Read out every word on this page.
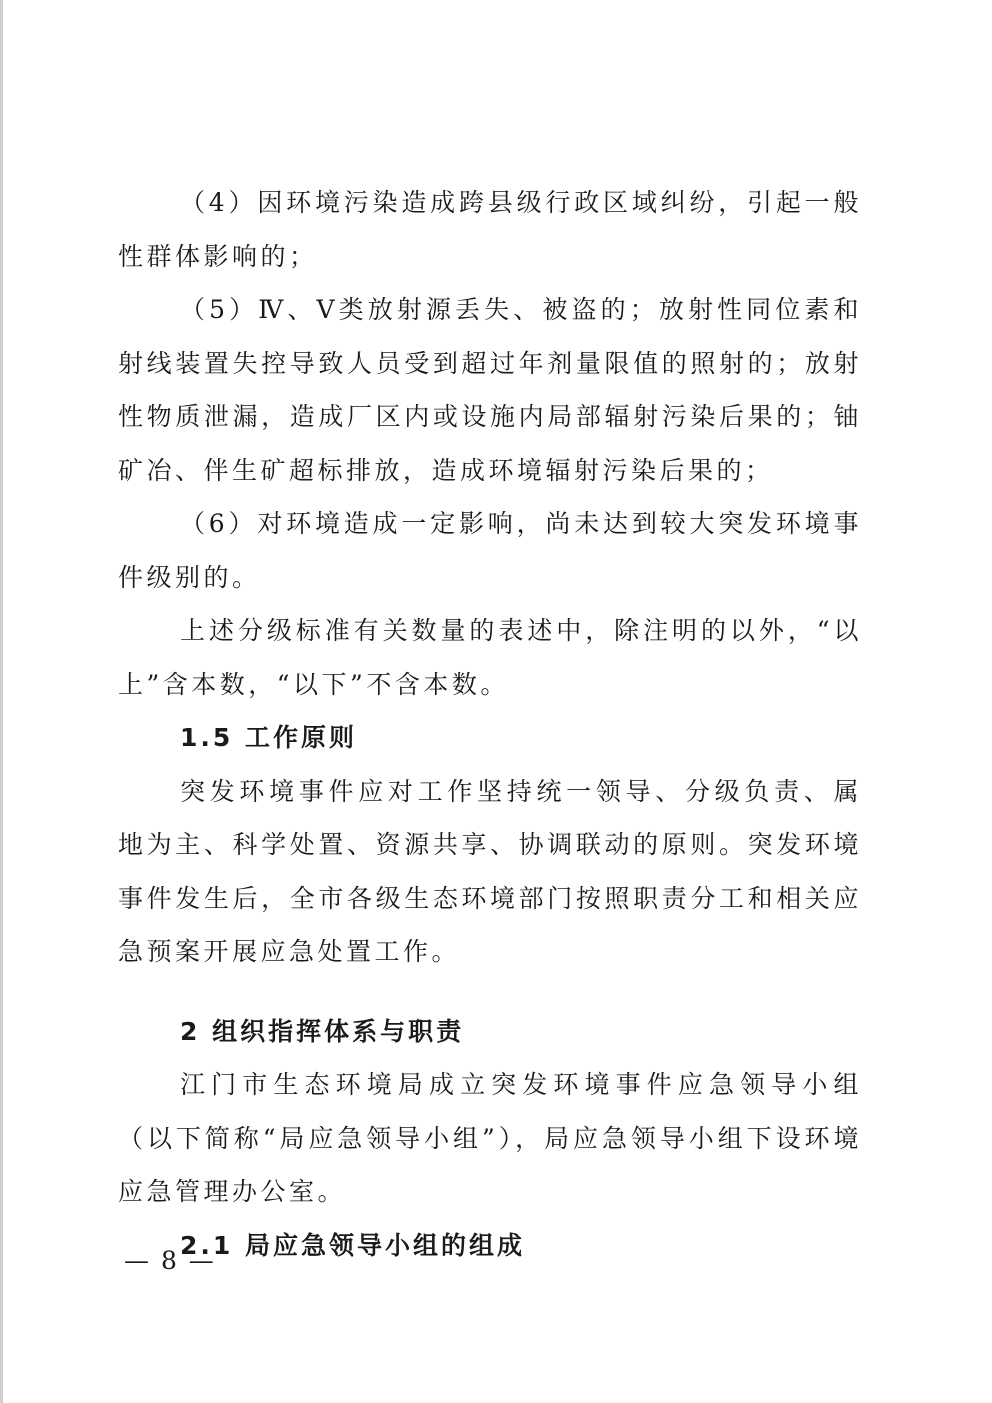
（4）因环境污染造成跨县级行政区域纠纷，引起一般性群体影响的；

（5）Ⅳ、Ⅴ类放射源丢失、被盗的；放射性同位素和射线装置失控导致人员受到超过年剂量限值的照射的；放射性物质泄漏，造成厂区内或设施内局部辐射污染后果的；铀矿冶、伴生矿超标排放，造成环境辐射污染后果的；

（6）对环境造成一定影响，尚未达到较大突发环境事件级别的。

上述分级标准有关数量的表述中，除注明的以外，“以上”含本数，“以下”不含本数。

1.5 工作原则

突发环境事件应对工作坚持统一领导、分级负责、属地为主、科学处置、资源共享、协调联动的原则。突发环境事件发生后，全市各级生态环境部门按照职责分工和相关应急预案开展应急处置工作。

2 组织指挥体系与职责

江门市生态环境局成立突发环境事件应急领导小组（以下简称“局应急领导小组”），局应急领导小组下设环境应急管理办公室。

2.1 局应急领导小组的组成

— 8 —
